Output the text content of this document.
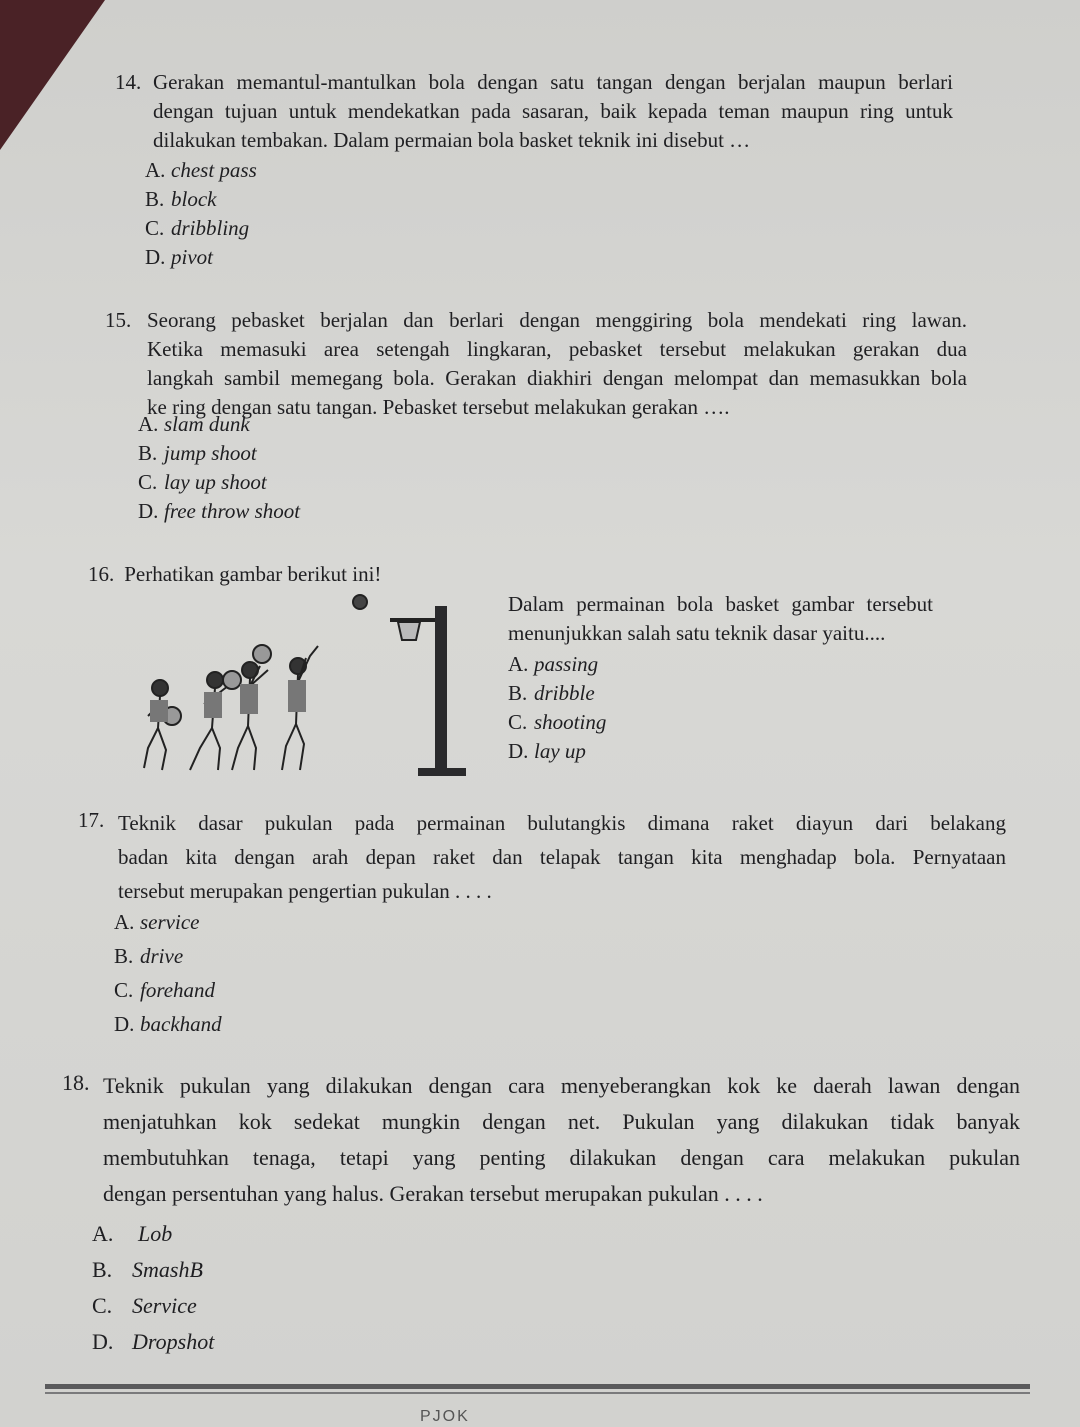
14. Gerakan memantul-mantulkan bola dengan satu tangan dengan berjalan maupun berlari
dengan tujuan untuk mendekatkan pada sasaran, baik kepada teman maupun ring untuk
dilakukan tembakan. Dalam permaian bola basket teknik ini disebut …
A. chest pass
B. block
C. dribbling
D. pivot
15. Seorang pebasket berjalan dan berlari dengan menggiring bola mendekati ring lawan.
Ketika memasuki area setengah lingkaran, pebasket tersebut melakukan gerakan dua
langkah sambil memegang bola. Gerakan diakhiri dengan melompat dan memasukkan bola
ke ring dengan satu tangan. Pebasket tersebut melakukan gerakan ….
A. slam dunk
B. jump shoot
C. lay up shoot
D. free throw shoot
16. Perhatikan gambar berikut ini!
Dalam permainan bola basket gambar tersebut
menunjukkan salah satu teknik dasar yaitu....
A. passing
B. dribble
C. shooting
D. lay up
17. Teknik dasar pukulan pada permainan bulutangkis dimana raket diayun dari belakang
badan kita dengan arah depan raket dan telapak tangan kita menghadap bola. Pernyataan
tersebut merupakan pengertian pukulan . . . .
A. service
B. drive
C. forehand
D. backhand
18. Teknik pukulan yang dilakukan dengan cara menyeberangkan kok ke daerah lawan dengan
menjatuhkan kok sedekat mungkin dengan net. Pukulan yang dilakukan tidak banyak
membutuhkan tenaga, tetapi yang penting dilakukan dengan cara melakukan pukulan
dengan persentuhan yang halus. Gerakan tersebut merupakan pukulan . . . .
A. Lob
B. SmashB
C. Service
D. Dropshot
PJOK
